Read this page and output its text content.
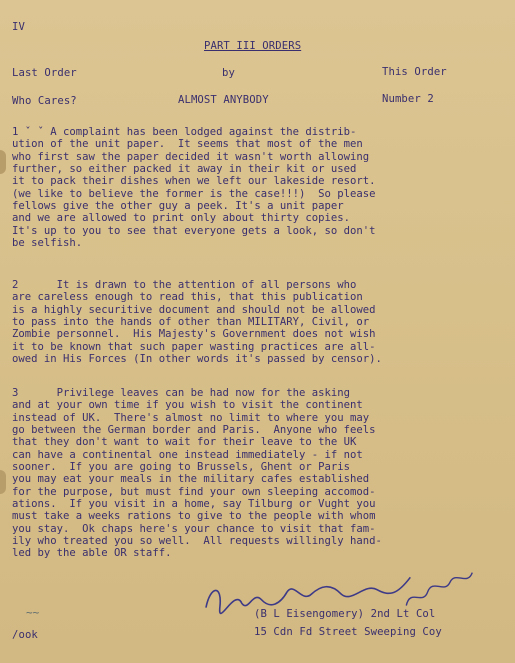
IV
PART III ORDERS
Last Order	by	This Order
Who Cares?	ALMOST ANYBODY	Number 2
1 ˇ ˇ A complaint has been lodged against the distrib-
ution of the unit paper.  It seems that most of the men
who first saw the paper decided it wasn't worth allowing
further, so either packed it away in their kit or used
it to pack their dishes when we left our lakeside resort.
(we like to believe the former is the case!!!)  So please
fellows give the other guy a peek. It's a unit paper
and we are allowed to print only about thirty copies.
It's up to you to see that everyone gets a look, so don't
be selfish.
2      It is drawn to the attention of all persons who
are careless enough to read this, that this publication
is a highly securitive document and should not be allowed
to pass into the hands of other than MILITARY, Civil, or
Zombie personnel.  His Majesty's Government does not wish
it to be known that such paper wasting practices are all-
owed in His Forces (In other words it's passed by censor).
3      Privilege leaves can be had now for the asking
and at your own time if you wish to visit the continent
instead of UK.  There's almost no limit to where you may
go between the German border and Paris.  Anyone who feels
that they don't want to wait for their leave to the UK
can have a continental one instead immediately - if not
sooner.  If you are going to Brussels, Ghent or Paris
you may eat your meals in the military cafes established
for the purpose, but must find your own sleeping accomod-
ations.  If you visit in a home, say Tilburg or Vught you
must take a weeks rations to give to the people with whom
you stay.  Ok chaps here's your chance to visit that fam-
ily who treated you so well.  All requests willingly hand-
led by the able OR staff.
(B L Eisengomery) 2nd Lt Col
15 Cdn Fd Street Sweeping Coy
~~
/ook
